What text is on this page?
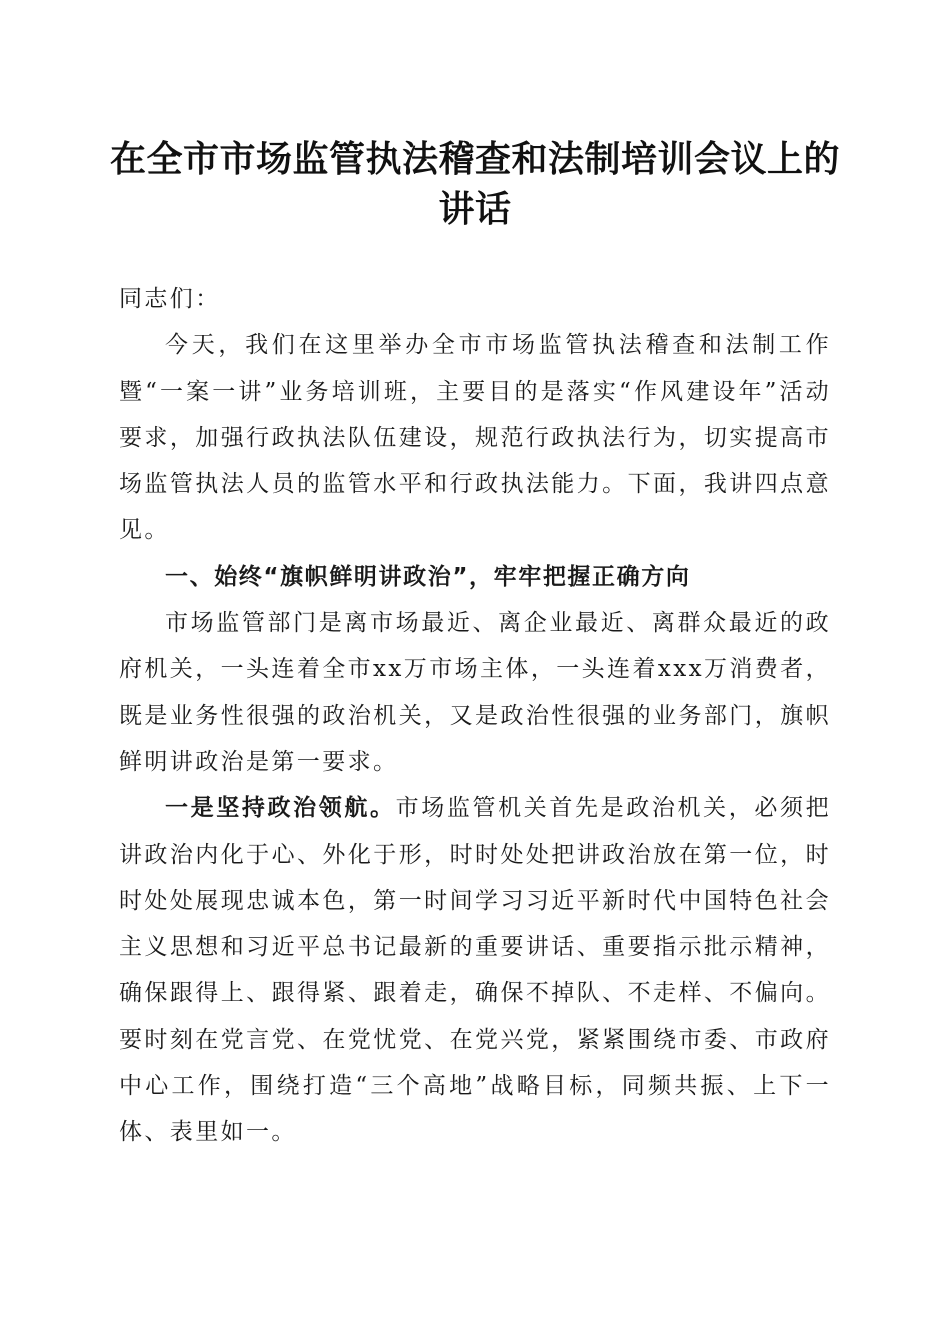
在全市市场监管执法稽查和法制培训会议上的
讲话

同志们：

今天，我们在这里举办全市市场监管执法稽查和法制工作暨“一案一讲”业务培训班，主要目的是落实“作风建设年”活动要求，加强行政执法队伍建设，规范行政执法行为，切实提高市场监管执法人员的监管水平和行政执法能力。下面，我讲四点意见。

一、始终“旗帜鲜明讲政治”，牢牢把握正确方向

市场监管部门是离市场最近、离企业最近、离群众最近的政府机关，一头连着全市xx万市场主体，一头连着xxx万消费者，既是业务性很强的政治机关，又是政治性很强的业务部门，旗帜鲜明讲政治是第一要求。

一是坚持政治领航。市场监管机关首先是政治机关，必须把讲政治内化于心、外化于形，时时处处把讲政治放在第一位，时时处处展现忠诚本色，第一时间学习习近平新时代中国特色社会主义思想和习近平总书记最新的重要讲话、重要指示批示精神，确保跟得上、跟得紧、跟着走，确保不掉队、不走样、不偏向。要时刻在党言党、在党忧党、在党兴党，紧紧围绕市委、市政府中心工作，围绕打造“三个高地”战略目标，同频共振、上下一体、表里如一。
